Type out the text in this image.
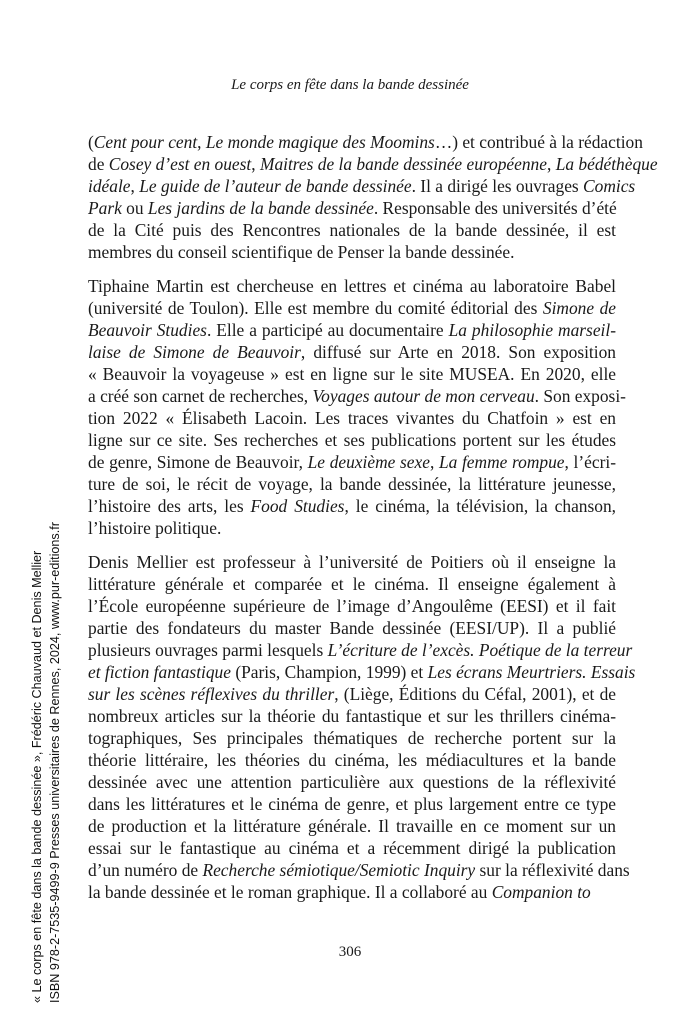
Le corps en fête dans la bande dessinée
(Cent pour cent, Le monde magique des Moomins…) et contribué à la rédaction
de Cosey d’est en ouest, Maitres de la bande dessinée européenne, La bédéthèque
idéale, Le guide de l’auteur de bande dessinée. Il a dirigé les ouvrages Comics
Park ou Les jardins de la bande dessinée. Responsable des universités d’été
de la Cité puis des Rencontres nationales de la bande dessinée, il est
membres du conseil scientifique de Penser la bande dessinée.
Tiphaine Martin est chercheuse en lettres et cinéma au laboratoire Babel
(université de Toulon). Elle est membre du comité éditorial des Simone de
Beauvoir Studies. Elle a participé au documentaire La philosophie marseil-
laise de Simone de Beauvoir, diffusé sur Arte en 2018. Son exposition
« Beauvoir la voyageuse » est en ligne sur le site MUSEA. En 2020, elle
a créé son carnet de recherches, Voyages autour de mon cerveau. Son exposi-
tion 2022 « Élisabeth Lacoin. Les traces vivantes du Chatfoin » est en
ligne sur ce site. Ses recherches et ses publications portent sur les études
de genre, Simone de Beauvoir, Le deuxième sexe, La femme rompue, l’écri-
ture de soi, le récit de voyage, la bande dessinée, la littérature jeunesse,
l’histoire des arts, les Food Studies, le cinéma, la télévision, la chanson,
l’histoire politique.
Denis Mellier est professeur à l’université de Poitiers où il enseigne la
littérature générale et comparée et le cinéma. Il enseigne également à
l’École européenne supérieure de l’image d’Angoulême (EESI) et il fait
partie des fondateurs du master Bande dessinée (EESI/UP). Il a publié
plusieurs ouvrages parmi lesquels L’écriture de l’excès. Poétique de la terreur
et fiction fantastique (Paris, Champion, 1999) et Les écrans Meurtriers. Essais
sur les scènes réflexives du thriller, (Liège, Éditions du Céfal, 2001), et de
nombreux articles sur la théorie du fantastique et sur les thrillers cinéma-
tographiques, Ses principales thématiques de recherche portent sur la
théorie littéraire, les théories du cinéma, les médiacultures et la bande
dessinée avec une attention particulière aux questions de la réflexivité
dans les littératures et le cinéma de genre, et plus largement entre ce type
de production et la littérature générale. Il travaille en ce moment sur un
essai sur le fantastique au cinéma et a récemment dirigé la publication
d’un numéro de Recherche sémiotique/Semiotic Inquiry sur la réflexivité dans
la bande dessinée et le roman graphique. Il a collaboré au Companion to
306
« Le corps en fête dans la bande dessinée », Frédéric Chauvaud et Denis Mellier ISBN 978-2-7535-9499-9 Presses universitaires de Rennes, 2024, www.pur-editions.fr
